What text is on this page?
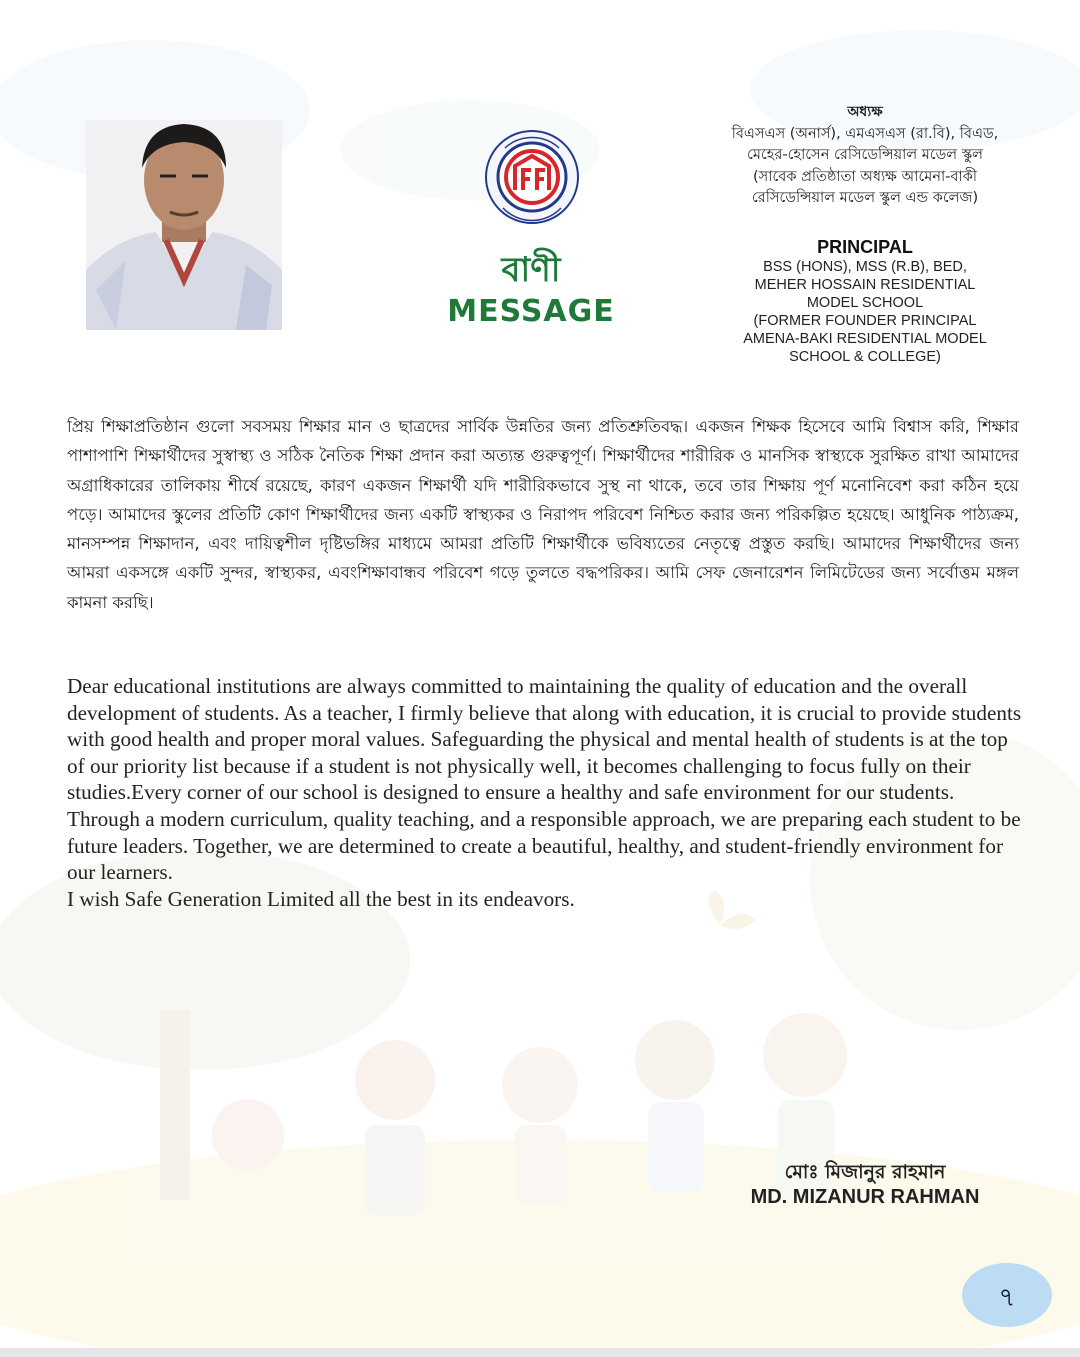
বাণী
MESSAGE
অধ্যক্ষ
বিএসএস (অনার্স), এমএসএস (রা.বি), বিএড,
মেহের-হোসেন রেসিডেন্সিয়াল মডেল স্কুল
(সাবেক প্রতিষ্ঠাতা অধ্যক্ষ আমেনা-বাকী
রেসিডেন্সিয়াল মডেল স্কুল এন্ড কলেজ)
PRINCIPAL
BSS (HONS), MSS (R.B), BED,
MEHER HOSSAIN RESIDENTIAL
MODEL SCHOOL
(FORMER FOUNDER PRINCIPAL
AMENA-BAKI RESIDENTIAL MODEL
SCHOOL & COLLEGE)
প্রিয় শিক্ষাপ্রতিষ্ঠান গুলো সবসময় শিক্ষার মান ও ছাত্রদের সার্বিক উন্নতির জন্য প্রতিশ্রুতিবদ্ধ। একজন শিক্ষক হিসেবে আমি বিশ্বাস করি, শিক্ষার পাশাপাশি শিক্ষার্থীদের সুস্বাস্থ্য ও সঠিক নৈতিক শিক্ষা প্রদান করা অত্যন্ত গুরুত্বপূর্ণ। শিক্ষার্থীদের শারীরিক ও মানসিক স্বাস্থ্যকে সুরক্ষিত রাখা আমাদের অগ্রাধিকারের তালিকায় শীর্ষে রয়েছে, কারণ একজন শিক্ষার্থী যদি শারীরিকভাবে সুস্থ না থাকে, তবে তার শিক্ষায় পূর্ণ মনোনিবেশ করা কঠিন হয়ে পড়ে। আমাদের স্কুলের প্রতিটি কোণ শিক্ষার্থীদের জন্য একটি স্বাস্থ্যকর ও নিরাপদ পরিবেশ নিশ্চিত করার জন্য পরিকল্পিত হয়েছে। আধুনিক পাঠ্যক্রম, মানসম্পন্ন শিক্ষাদান, এবং দায়িত্বশীল দৃষ্টিভঙ্গির মাধ্যমে আমরা প্রতিটি শিক্ষার্থীকে ভবিষ্যতের নেতৃত্বে প্রস্তুত করছি। আমাদের শিক্ষার্থীদের জন্য আমরা একসঙ্গে একটি সুন্দর, স্বাস্থ্যকর, এবংশিক্ষাবান্ধব পরিবেশ গড়ে তুলতে বদ্ধপরিকর। আমি সেফ জেনারেশন লিমিটেডের জন্য সর্বোত্তম মঙ্গল কামনা করছি।

Dear educational institutions are always committed to maintaining the quality of education and the overall development of students. As a teacher, I firmly believe that along with education, it is crucial to provide students with good health and proper moral values. Safeguarding the physical and mental health of students is at the top of our priority list because if a student is not physically well, it becomes challenging to focus fully on their studies.Every corner of our school is designed to ensure a healthy and safe environment for our students. Through a modern curriculum, quality teaching, and a responsible approach, we are preparing each student to be future leaders. Together, we are determined to create a beautiful, healthy, and student-friendly environment for our learners.

I wish Safe Generation Limited all the best in its endeavors.

মোঃ মিজানুর রাহমান
MD. MIZANUR RAHMAN
৭
